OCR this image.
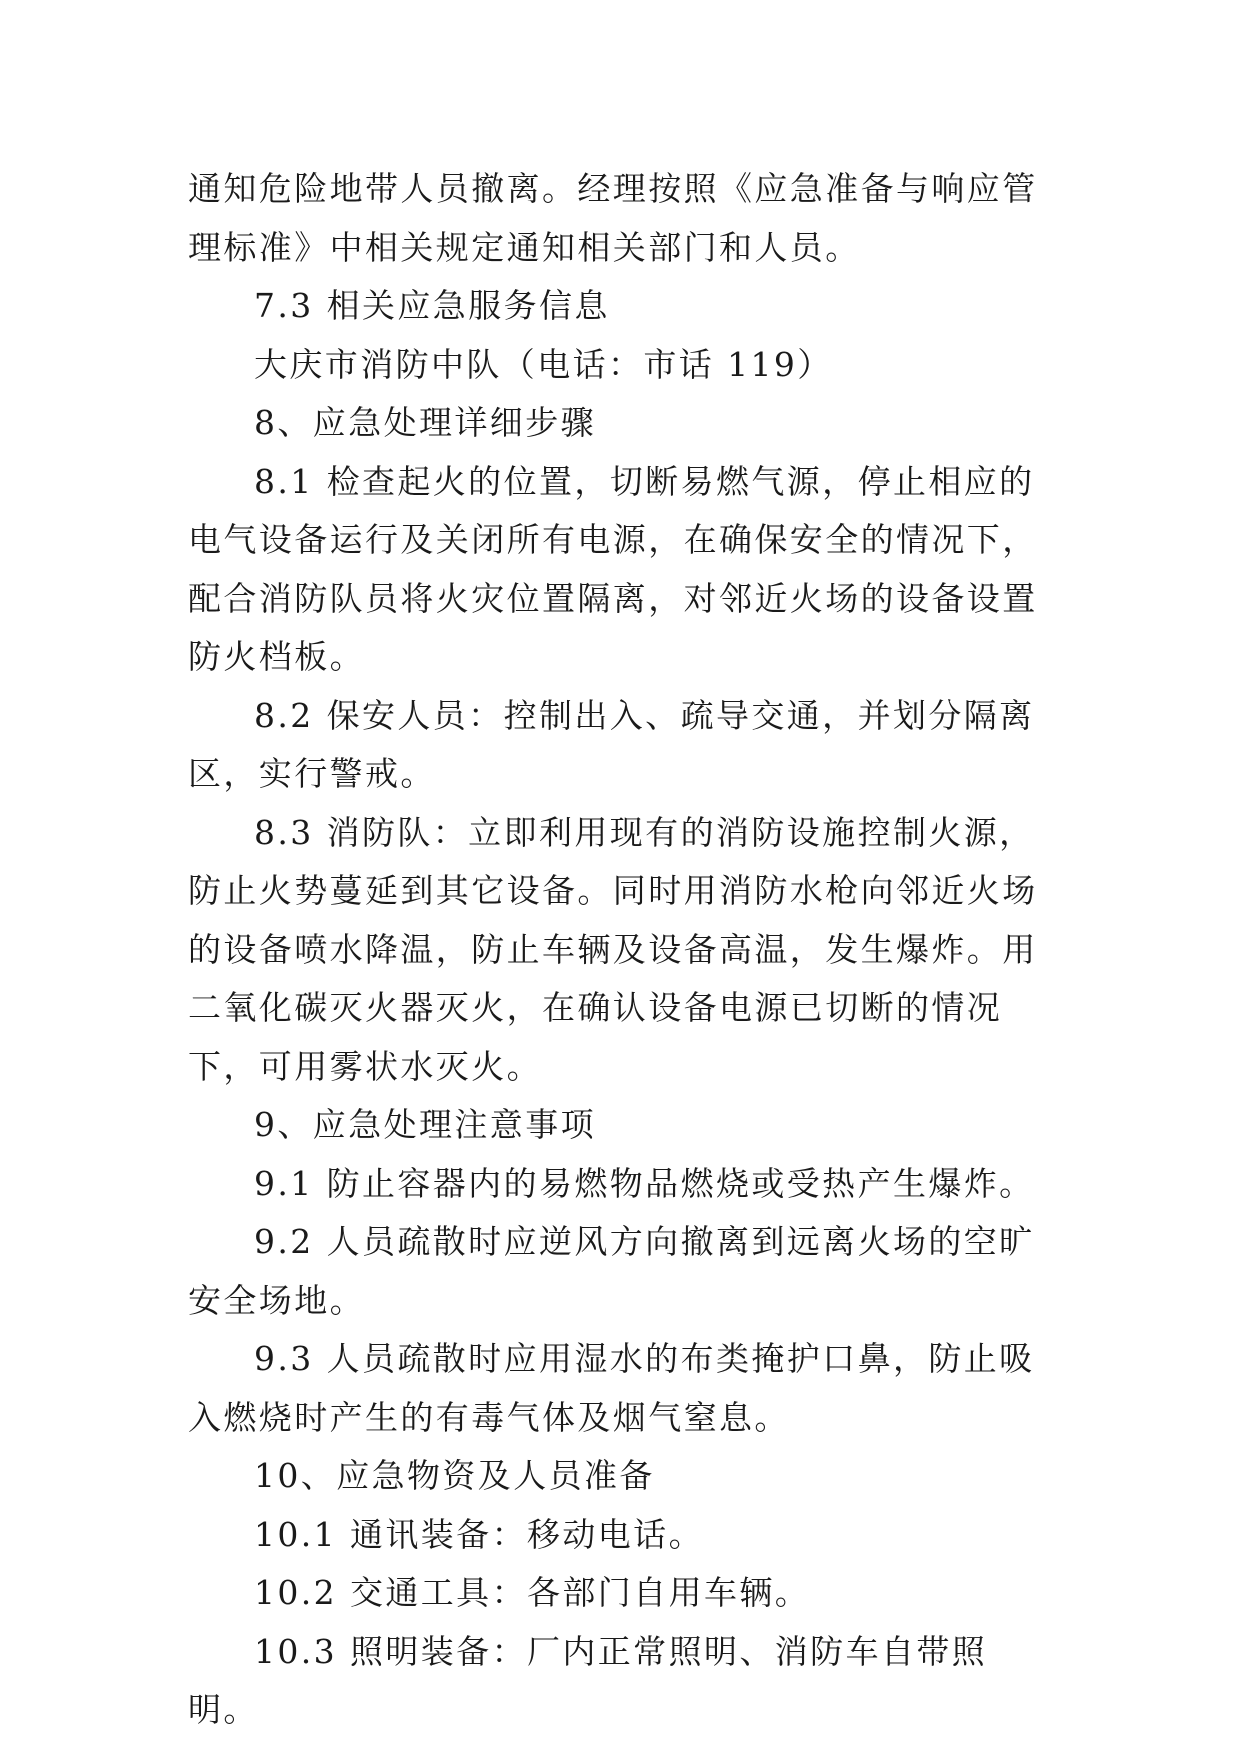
通知危险地带人员撤离。经理按照《应急准备与响应管理标准》中相关规定通知相关部门和人员。

7.3 相关应急服务信息

大庆市消防中队（电话：市话 119）

8、应急处理详细步骤

8.1 检查起火的位置，切断易燃气源，停止相应的电气设备运行及关闭所有电源，在确保安全的情况下，配合消防队员将火灾位置隔离，对邻近火场的设备设置防火档板。

8.2 保安人员：控制出入、疏导交通，并划分隔离区，实行警戒。

8.3 消防队：立即利用现有的消防设施控制火源，防止火势蔓延到其它设备。同时用消防水枪向邻近火场的设备喷水降温，防止车辆及设备高温，发生爆炸。用二氧化碳灭火器灭火，在确认设备电源已切断的情况下，可用雾状水灭火。

9、应急处理注意事项

9.1 防止容器内的易燃物品燃烧或受热产生爆炸。

9.2 人员疏散时应逆风方向撤离到远离火场的空旷安全场地。

9.3 人员疏散时应用湿水的布类掩护口鼻，防止吸入燃烧时产生的有毒气体及烟气窒息。

10、应急物资及人员准备

10.1 通讯装备：移动电话。

10.2 交通工具：各部门自用车辆。

10.3 照明装备：厂内正常照明、消防车自带照明。
